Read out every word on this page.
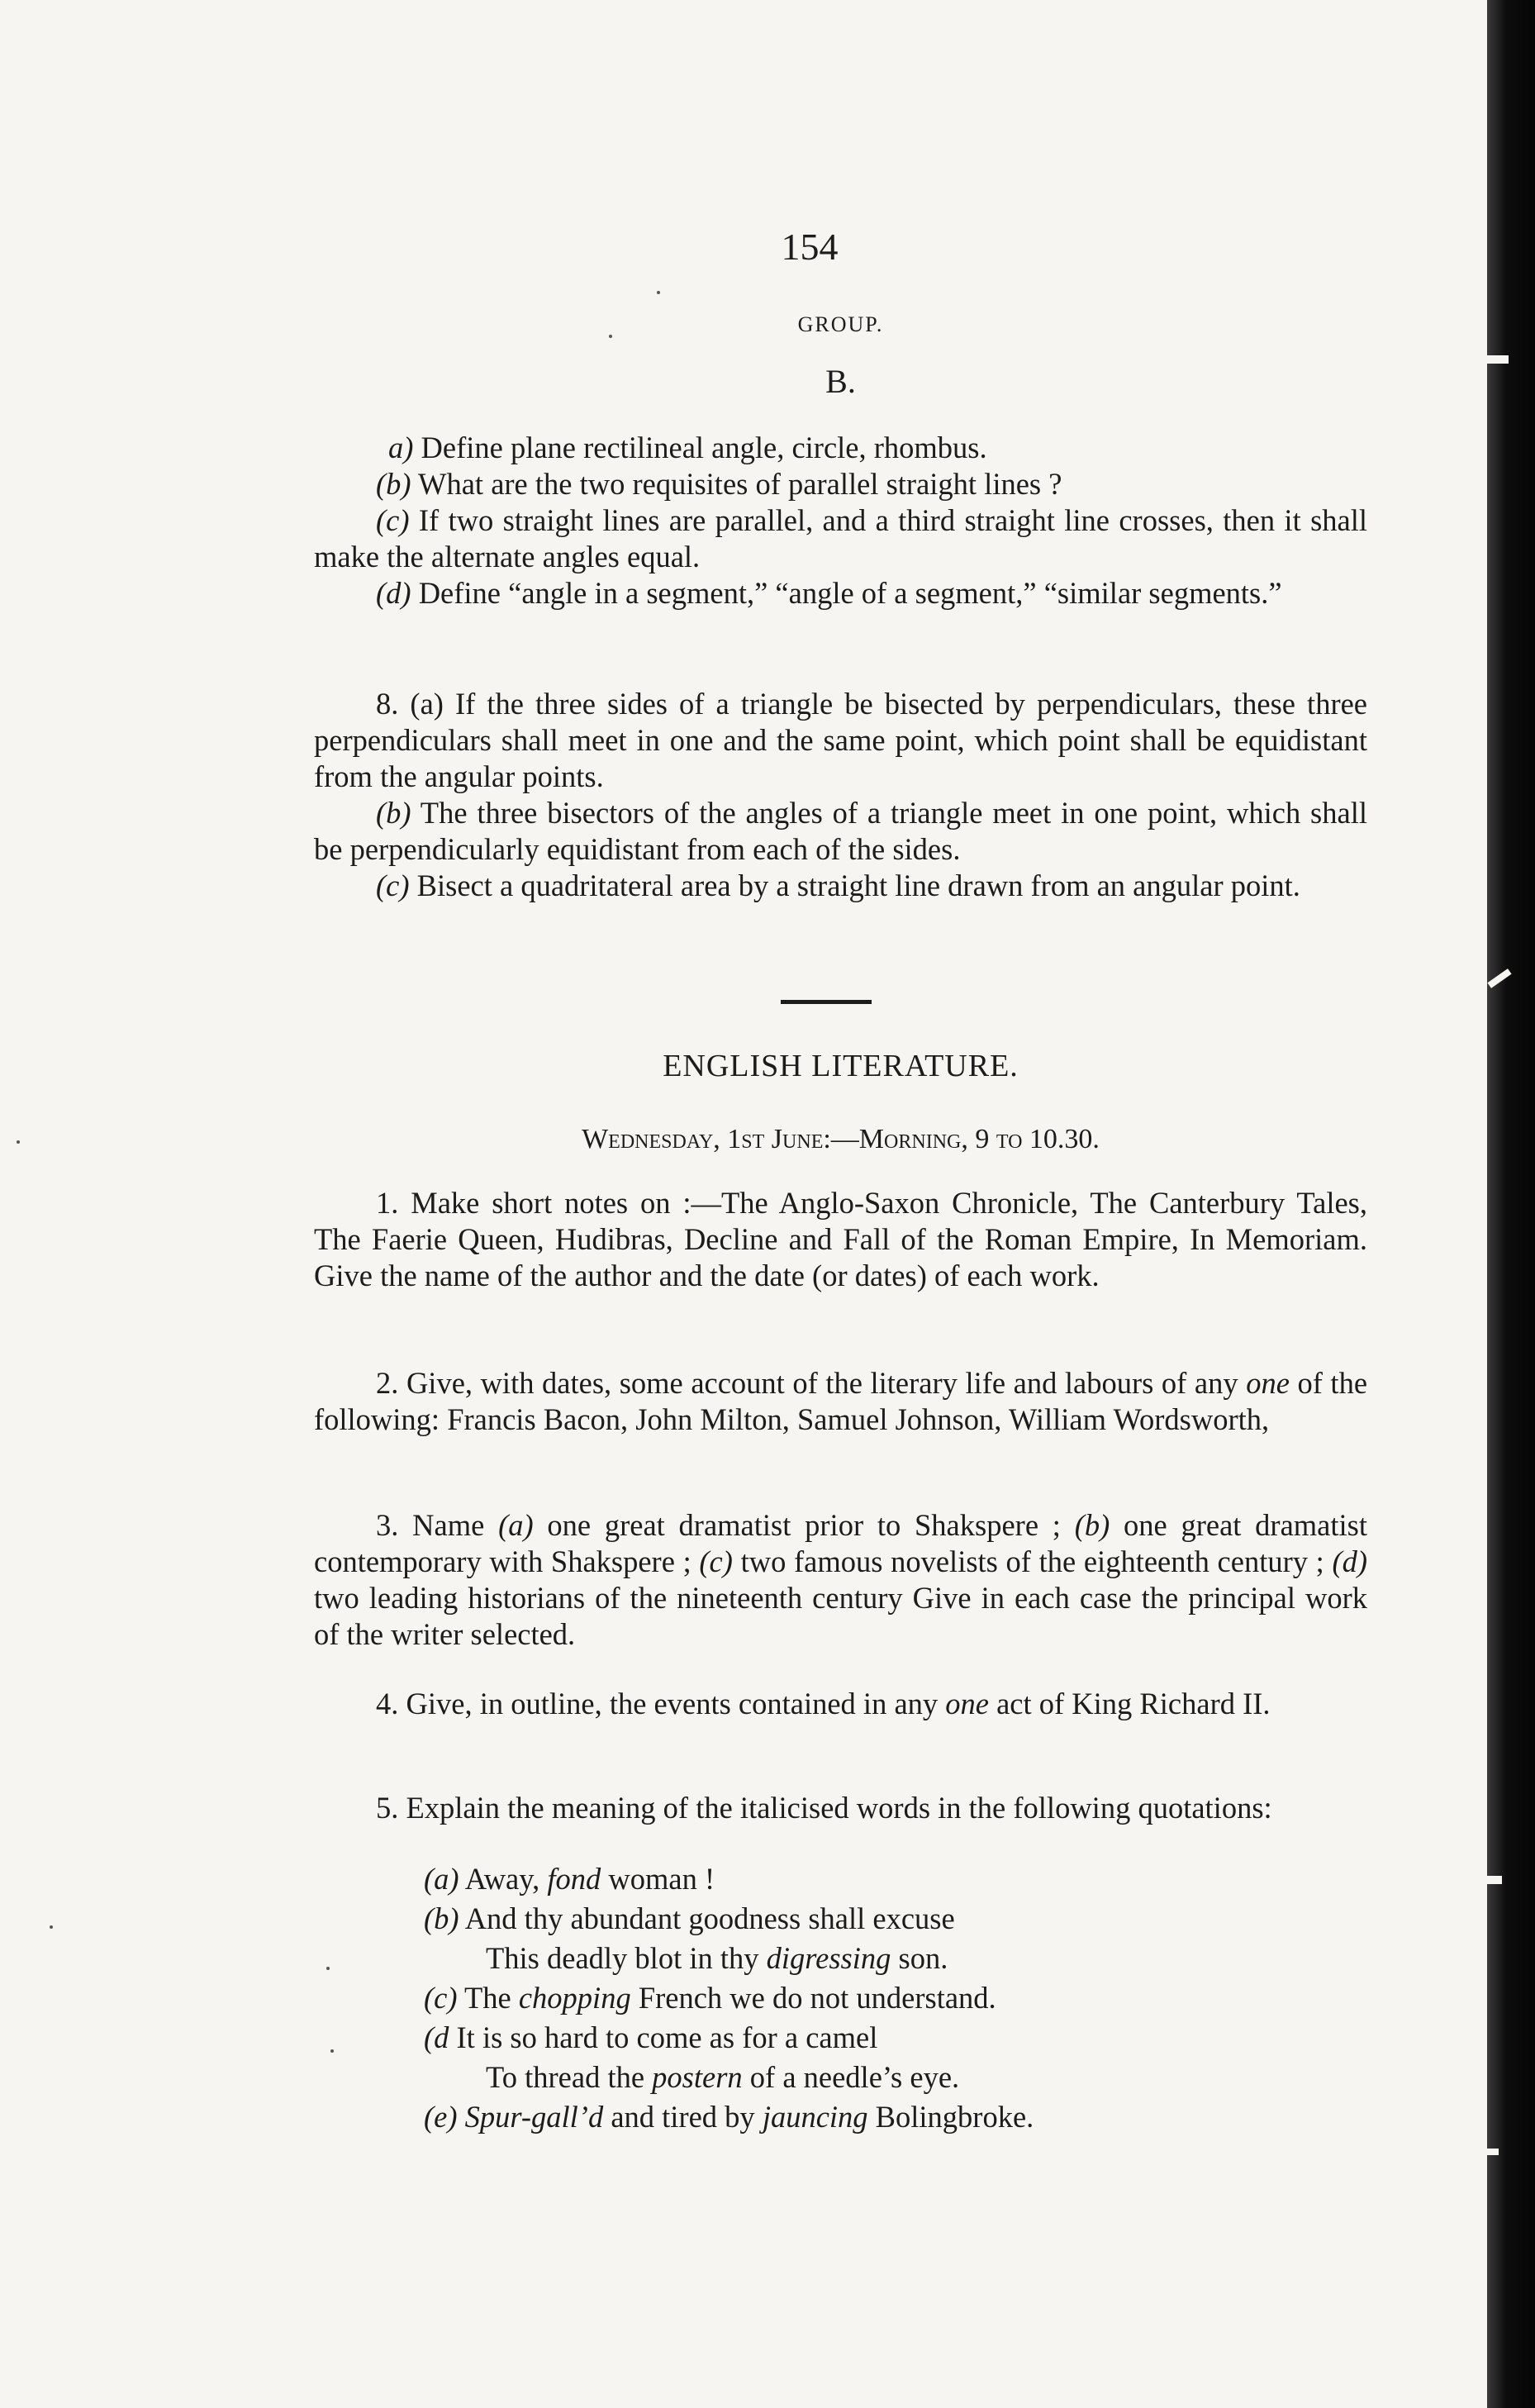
154
GROUP.
B.

a) Define plane rectilineal angle, circle, rhombus.

(b) What are the two requisites of parallel straight lines ?

(c) If two straight lines are parallel, and a third straight line crosses, then it shall make the alternate angles equal.

(d) Define “angle in a segment,” “angle of a segment,” “similar segments.”

8. (a) If the three sides of a triangle be bisected by perpendiculars, these three perpendiculars shall meet in one and the same point, which point shall be equidistant from the angular points.

(b) The three bisectors of the angles of a triangle meet in one point, which shall be perpendicularly equidistant from each of the sides.

(c) Bisect a quadritateral area by a straight line drawn from an angular point.

ENGLISH LITERATURE.
Wednesday, 1st June:—Morning, 9 to 10.30.

1. Make short notes on :—The Anglo-Saxon Chronicle, The Canterbury Tales, The Faerie Queen, Hudibras, Decline and Fall of the Roman Empire, In Memoriam. Give the name of the author and the date (or dates) of each work.

2. Give, with dates, some account of the literary life and labours of any one of the following: Francis Bacon, John Milton, Samuel Johnson, William Wordsworth,

3. Name (a) one great dramatist prior to Shakspere ; (b) one great dramatist contemporary with Shakspere ; (c) two famous novelists of the eighteenth century ; (d) two leading historians of the nineteenth century Give in each case the principal work of the writer selected.

4. Give, in outline, the events contained in any one act of King Richard II.

5. Explain the meaning of the italicised words in the following quotations:

(a) Away, fond woman !

(b) And thy abundant goodness shall excuse

This deadly blot in thy digressing son.

(c) The chopping French we do not understand.

(d It is so hard to come as for a camel

To thread the postern of a needle’s eye.

(e) Spur-gall’d and tired by jauncing Bolingbroke.
